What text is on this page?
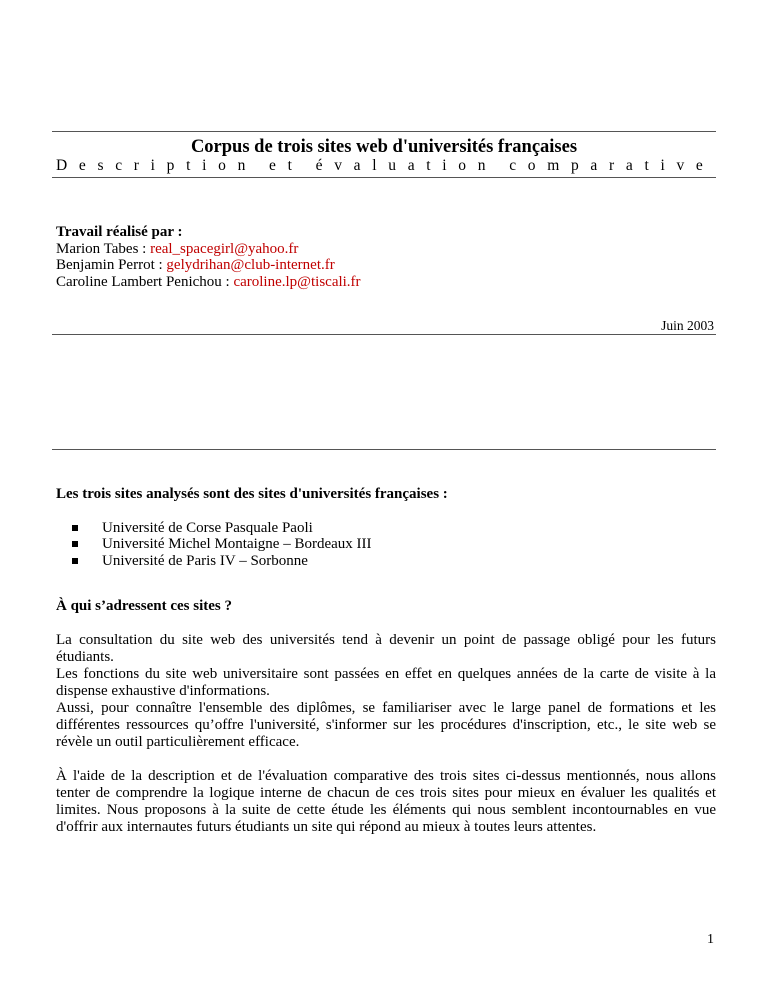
Corpus de trois sites web d'universités françaises
Description et évaluation comparative
Travail réalisé par :
Marion Tabes : real_spacegirl@yahoo.fr
Benjamin Perrot : gelydrihan@club-internet.fr
Caroline Lambert Penichou : caroline.lp@tiscali.fr
Juin 2003
Les trois sites analysés sont des sites d'universités françaises :
Université de Corse Pasquale Paoli
Université Michel Montaigne – Bordeaux III
Université de Paris IV – Sorbonne
À qui s’adressent ces sites ?

La consultation du site web des universités tend à devenir un point de passage obligé pour les futurs étudiants.

Les fonctions du site web universitaire sont passées en effet en quelques années de la carte de visite à la dispense exhaustive d'informations.

Aussi, pour connaître l'ensemble des diplômes, se familiariser avec le large panel de formations et les différentes ressources qu’offre l'université, s'informer sur les procédures d'inscription, etc., le site web se révèle un outil particulièrement efficace.

À l'aide de la description et de l'évaluation comparative des trois sites ci-dessus mentionnés, nous allons tenter de comprendre la logique interne de chacun de ces trois sites pour mieux en évaluer les qualités et limites. Nous proposons à la suite de cette étude les éléments qui nous semblent incontournables en vue d'offrir aux internautes futurs étudiants un site qui répond au mieux à toutes leurs attentes.

1
